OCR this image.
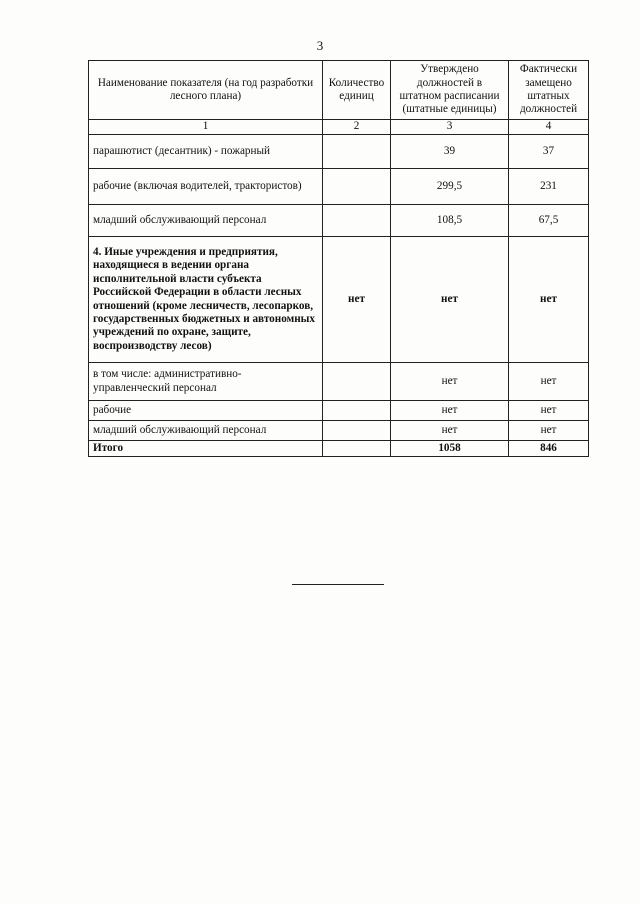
3
Наименование показателя (на год разработки лесного плана)	Количество единиц	Утверждено должностей в штатном расписании (штатные единицы)	Фактически замещено штатных должностей
1	2	3	4
парашютист (десантник) - пожарный		39	37
рабочие (включая водителей, трактористов)		299,5	231
младший обслуживающий персонал		108,5	67,5
4. Иные учреждения и предприятия, находящиеся в ведении органа исполнительной власти субъекта Российской Федерации в области лесных отношений (кроме лесничеств, лесопарков, государственных бюджетных и автономных учреждений по охране, защите, воспроизводству лесов)	нет	нет	нет
в том числе: административно-управленческий персонал		нет	нет
рабочие		нет	нет
младший обслуживающий персонал		нет	нет
Итого		1058	846
